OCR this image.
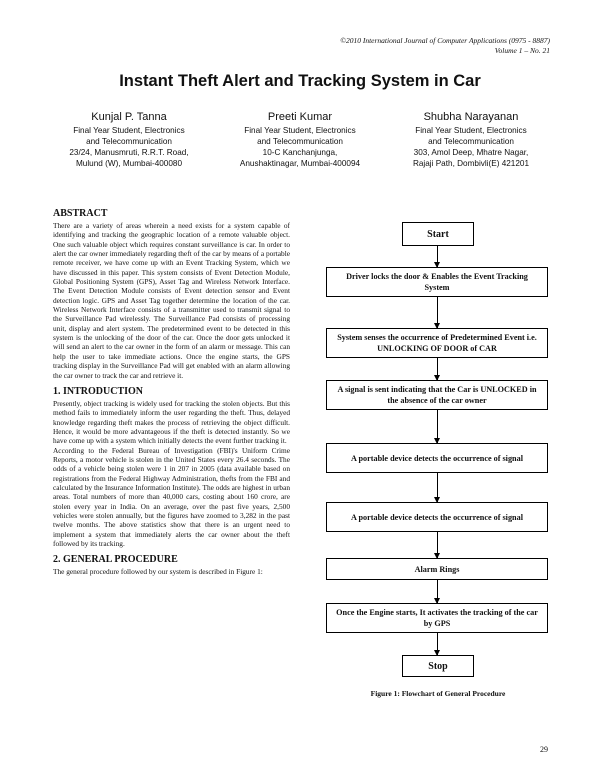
©2010 International Journal of Computer Applications (0975 - 8887)
Volume 1 – No. 21
Instant Theft Alert and Tracking System in Car
Kunjal P. Tanna
Final Year Student, Electronics
and Telecommunication
23/24, Manusmruti, R.R.T. Road,
Mulund (W), Mumbai-400080
Preeti Kumar
Final Year Student, Electronics
and Telecommunication
10-C Kanchanjunga,
Anushaktinagar, Mumbai-400094
Shubha Narayanan
Final Year Student, Electronics
and Telecommunication
303, Amol Deep, Mhatre Nagar,
Rajaji Path, Dombivli(E) 421201
ABSTRACT

There are a variety of areas wherein a need exists for a system capable of identifying and tracking the geographic location of a remote valuable object. One such valuable object which requires constant surveillance is car. In order to alert the car owner immediately regarding theft of the car by means of a portable remote receiver, we have come up with an Event Tracking System, which we have discussed in this paper. This system consists of Event Detection Module, Global Positioning System (GPS), Asset Tag and Wireless Network Interface. The Event Detection Module consists of Event detection sensor and Event detection logic. GPS and Asset Tag together determine the location of the car. Wireless Network Interface consists of a transmitter used to transmit signal to the Surveillance Pad wirelessly. The Surveillance Pad consists of processing unit, display and alert system. The predetermined event to be detected in this system is the unlocking of the door of the car. Once the door gets unlocked it will send an alert to the car owner in the form of an alarm or message. This can help the user to take immediate actions. Once the engine starts, the GPS tracking display in the Surveillance Pad will get enabled with an alarm allowing the car owner to track the car and retrieve it.

1. INTRODUCTION

Presently, object tracking is widely used for tracking the stolen objects. But this method fails to immediately inform the user regarding the theft. Thus, delayed knowledge regarding theft makes the process of retrieving the object difficult. Hence, it would be more advantageous if the theft is detected instantly. So we have come up with a system which initially detects the event further tracking it.

According to the Federal Bureau of Investigation (FBI)'s Uniform Crime Reports, a motor vehicle is stolen in the United States every 26.4 seconds. The odds of a vehicle being stolen were 1 in 207 in 2005 (data available based on registrations from the Federal Highway Administration, thefts from the FBI and calculated by the Insurance Information Institute). The odds are highest in urban areas. Total numbers of more than 40,000 cars, costing about 160 crore, are stolen every year in India. On an average, over the past five years, 2,500 vehicles were stolen annually, but the figures have zoomed to 3,282 in the past twelve months. The above statistics show that there is an urgent need to implement a system that immediately alerts the car owner about the theft followed by its tracking.

2. GENERAL PROCEDURE

The general procedure followed by our system is described in Figure 1:

Start
Driver locks the door & Enables the Event Tracking System
System senses the occurrence of Predetermined Event i.e. UNLOCKING OF DOOR of CAR
A signal is sent indicating that the Car is UNLOCKED in the absence of the car owner
A portable device detects the occurrence of signal
A portable device detects the occurrence of signal
Alarm Rings
Once the Engine starts, It activates the tracking of the car by GPS
Stop
Figure 1: Flowchart of General Procedure
29
